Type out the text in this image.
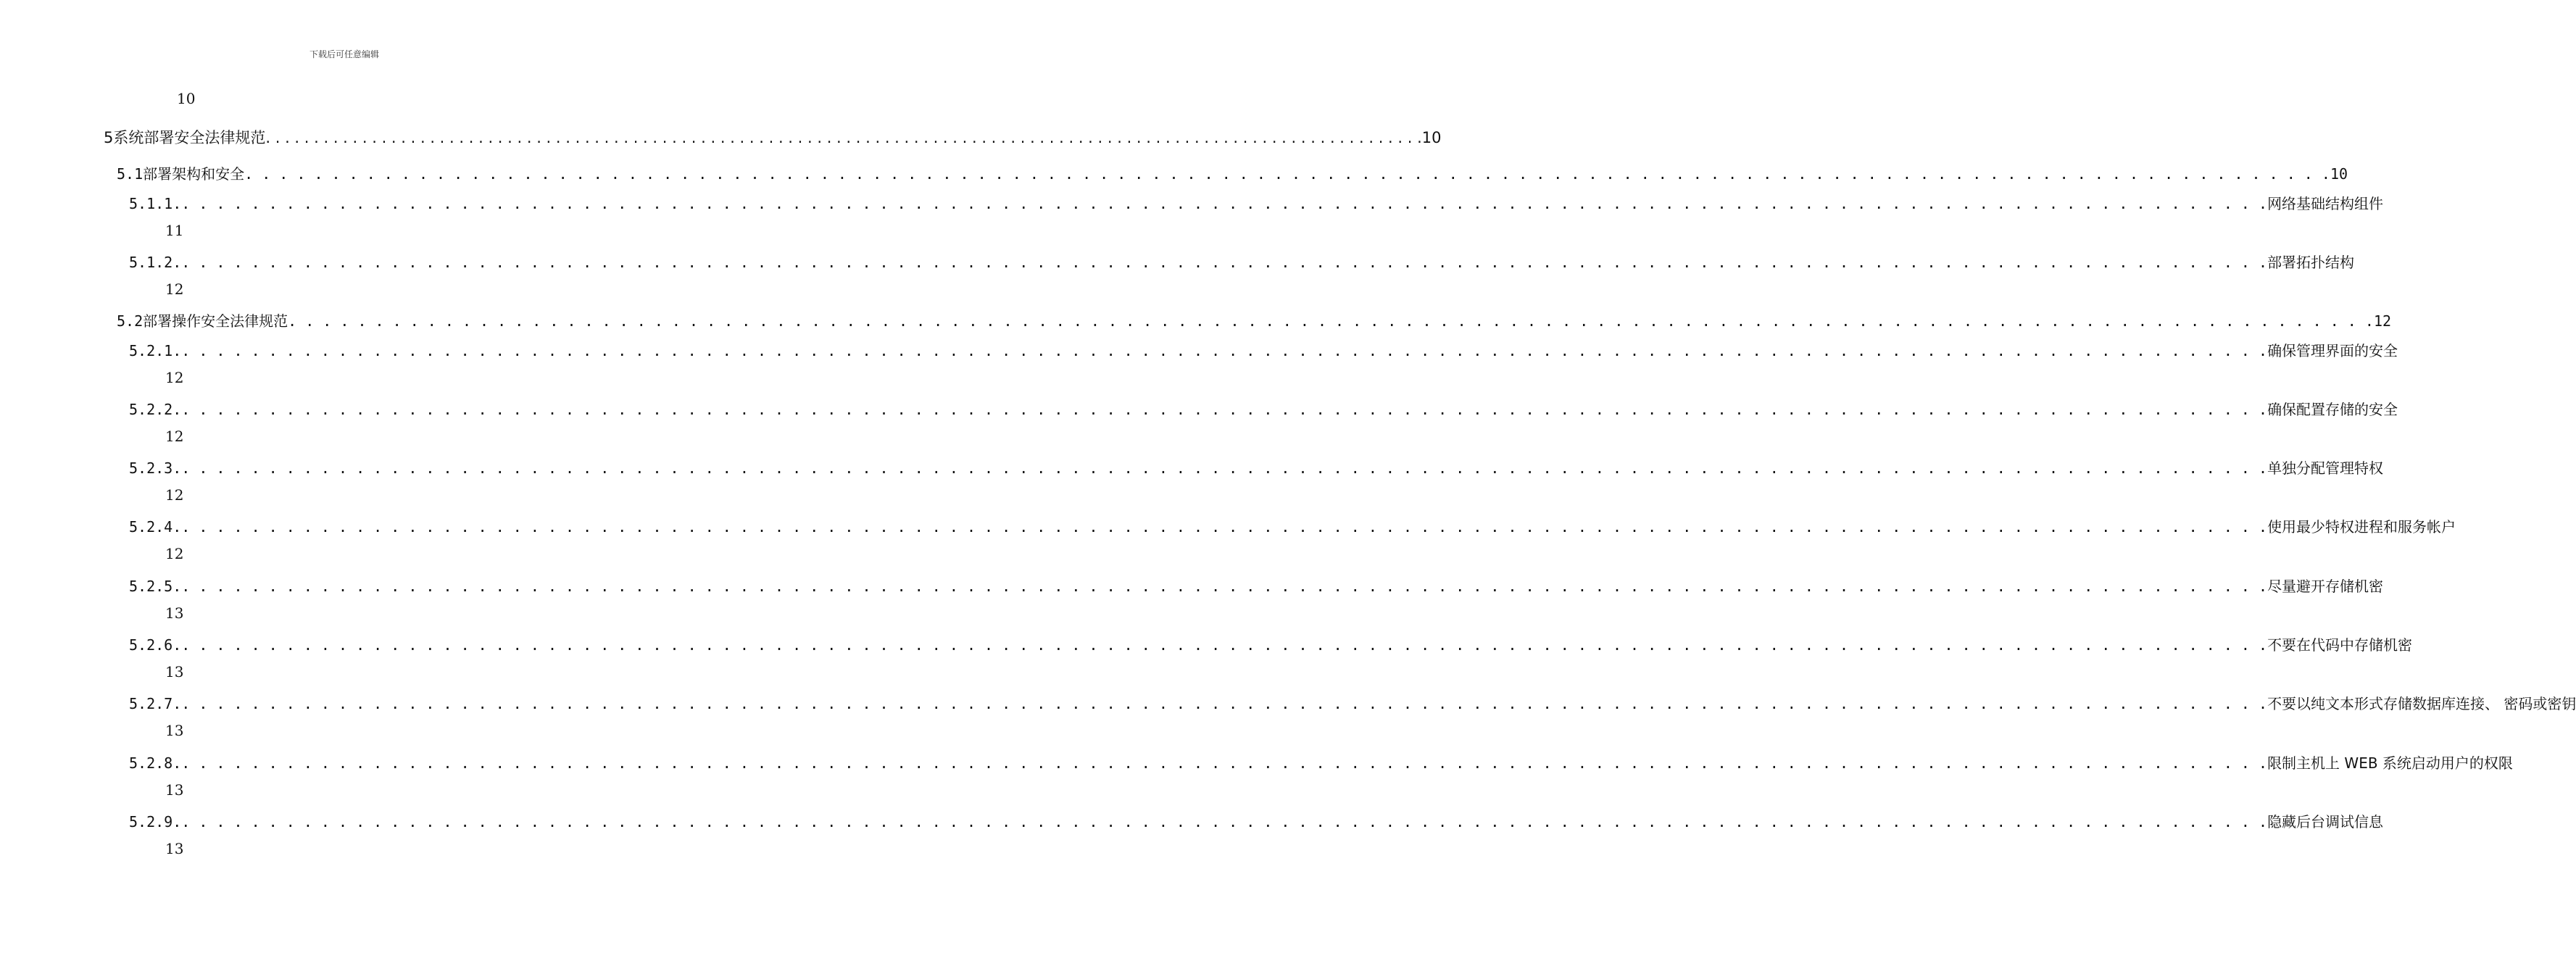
下载后可任意编辑
10
5 系统部署安全法律规范 . . . . . . . . . . . . . . . . . . . . . . . . . . . . . . . . . . . . . . . . . . . . . . . . . . . . . . . . . . . . . . . . . . . . . . . . . . . . . . . . . . . . . . . . . . . . . . . . . . . . . . . . . . . . . . . . . . . . . . . . 10
5.1 部署架构和安全 . . . . . . . . . . . . . . . . . . . . . . . . . . . . . . . . . . . . . . . . . . . . . . . . . . . . . . . . . . . . . . . . . . . . . . . . . . . . . . . . . . . . . . . . . . . . . . . . . . . . . . . . . . . . . . . . . . . . . . . . 10
5.1.1. . . . . . . . . . . . . . . . . . . . . . . . . . . . . . . . . . . . . . . . . . . . . . . . . . . . . . . . . . . . . . . . . . . . . . . . . . . . . . . . . . . . . . . . . . . . . . . . . . . . . . . . . . . . . . . . . . . . . . . . . 网络基础结构组件
11
5.1.2. . . . . . . . . . . . . . . . . . . . . . . . . . . . . . . . . . . . . . . . . . . . . . . . . . . . . . . . . . . . . . . . . . . . . . . . . . . . . . . . . . . . . . . . . . . . . . . . . . . . . . . . . . . . . . . . . . . . . . . . . 部署拓扑结构
12
5.2 部署操作安全法律规范 . . . . . . . . . . . . . . . . . . . . . . . . . . . . . . . . . . . . . . . . . . . . . . . . . . . . . . . . . . . . . . . . . . . . . . . . . . . . . . . . . . . . . . . . . . . . . . . . . . . . . . . . . . . . . . . . . . . . . . . . 12
5.2.1. . . . . . . . . . . . . . . . . . . . . . . . . . . . . . . . . . . . . . . . . . . . . . . . . . . . . . . . . . . . . . . . . . . . . . . . . . . . . . . . . . . . . . . . . . . . . . . . . . . . . . . . . . . . . . . . . . . . . . . . . 确保管理界面的安全
12
5.2.2. . . . . . . . . . . . . . . . . . . . . . . . . . . . . . . . . . . . . . . . . . . . . . . . . . . . . . . . . . . . . . . . . . . . . . . . . . . . . . . . . . . . . . . . . . . . . . . . . . . . . . . . . . . . . . . . . . . . . . . . . 确保配置存储的安全
12
5.2.3. . . . . . . . . . . . . . . . . . . . . . . . . . . . . . . . . . . . . . . . . . . . . . . . . . . . . . . . . . . . . . . . . . . . . . . . . . . . . . . . . . . . . . . . . . . . . . . . . . . . . . . . . . . . . . . . . . . . . . . . . 单独分配管理特权
12
5.2.4. . . . . . . . . . . . . . . . . . . . . . . . . . . . . . . . . . . . . . . . . . . . . . . . . . . . . . . . . . . . . . . . . . . . . . . . . . . . . . . . . . . . . . . . . . . . . . . . . . . . . . . . . . . . . . . . . . . . . . . . . 使用最少特权进程和服务帐户
12
5.2.5. . . . . . . . . . . . . . . . . . . . . . . . . . . . . . . . . . . . . . . . . . . . . . . . . . . . . . . . . . . . . . . . . . . . . . . . . . . . . . . . . . . . . . . . . . . . . . . . . . . . . . . . . . . . . . . . . . . . . . . . . 尽量避开存储机密
13
5.2.6. . . . . . . . . . . . . . . . . . . . . . . . . . . . . . . . . . . . . . . . . . . . . . . . . . . . . . . . . . . . . . . . . . . . . . . . . . . . . . . . . . . . . . . . . . . . . . . . . . . . . . . . . . . . . . . . . . . . . . . . . 不要在代码中存储机密
13
5.2.7. . . . . . . . . . . . . . . . . . . . . . . . . . . . . . . . . . . . . . . . . . . . . . . . . . . . . . . . . . . . . . . . . . . . . . . . . . . . . . . . . . . . . . . . . . . . . . . . . . . . . . . . . . . . . . . . . . . . . . . . . 不要以纯文本形式存储数据库连接、 密码或密钥
13
5.2.8. . . . . . . . . . . . . . . . . . . . . . . . . . . . . . . . . . . . . . . . . . . . . . . . . . . . . . . . . . . . . . . . . . . . . . . . . . . . . . . . . . . . . . . . . . . . . . . . . . . . . . . . . . . . . . . . . . . . . . . . . 限制主机上 WEB 系统启动用户的权限
13
5.2.9. . . . . . . . . . . . . . . . . . . . . . . . . . . . . . . . . . . . . . . . . . . . . . . . . . . . . . . . . . . . . . . . . . . . . . . . . . . . . . . . . . . . . . . . . . . . . . . . . . . . . . . . . . . . . . . . . . . . . . . . . 隐藏后台调试信息
13
